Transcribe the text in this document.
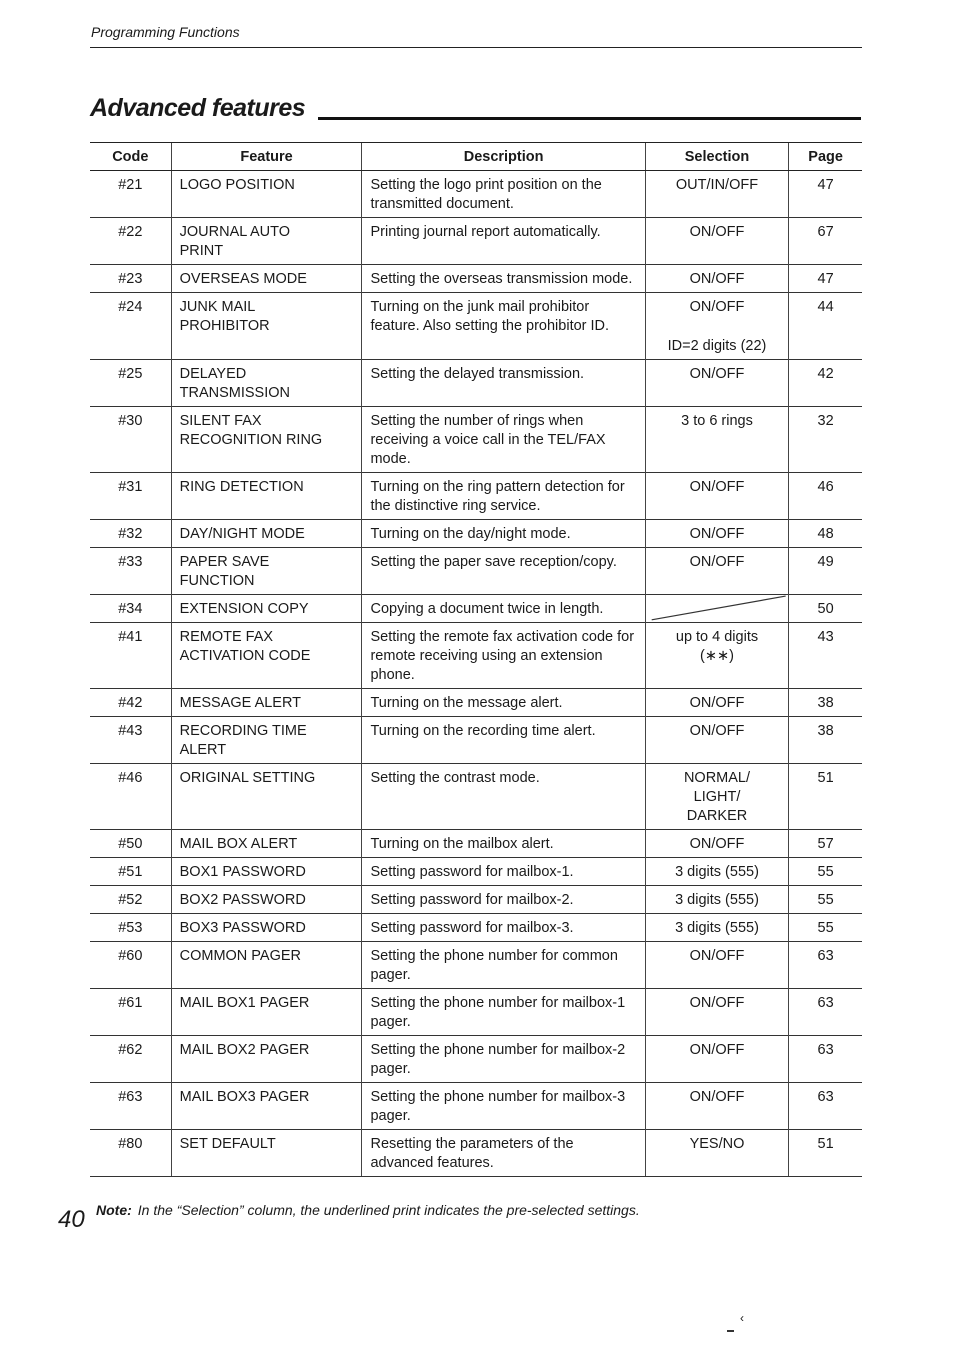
Programming Functions
Advanced features
Code	Feature	Description	Selection	Page
#21	LOGO POSITION	Setting the logo print position on the transmitted document.	OUT/IN/OFF	47
#22	JOURNAL AUTO
PRINT	Printing journal report automatically.	ON/OFF	67
#23	OVERSEAS MODE	Setting the overseas transmission mode.	ON/OFF	47
#24	JUNK MAIL
PROHIBITOR	Turning on the junk mail prohibitor feature. Also setting the prohibitor ID.	ON/OFF
ID=2 digits (22)	44
#25	DELAYED
TRANSMISSION	Setting the delayed transmission.	ON/OFF	42
#30	SILENT FAX
RECOGNITION RING	Setting the number of rings when receiving a voice call in the TEL/FAX mode.	3 to 6 rings	32
#31	RING DETECTION	Turning on the ring pattern detection for the distinctive ring service.	ON/OFF	46
#32	DAY/NIGHT MODE	Turning on the day/night mode.	ON/OFF	48
#33	PAPER SAVE
FUNCTION	Setting the paper save reception/copy.	ON/OFF	49
#34	EXTENSION COPY	Copying a document twice in length.		50
#41	REMOTE FAX
ACTIVATION CODE	Setting the remote fax activation code for remote receiving using an extension phone.	up to 4 digits
(∗∗)	43
#42	MESSAGE ALERT	Turning on the message alert.	ON/OFF	38
#43	RECORDING TIME
ALERT	Turning on the recording time alert.	ON/OFF	38
#46	ORIGINAL SETTING	Setting the contrast mode.	NORMAL/
LIGHT/
DARKER	51
#50	MAIL BOX ALERT	Turning on the mailbox alert.	ON/OFF	57
#51	BOX1 PASSWORD	Setting password for mailbox-1.	3 digits (555)	55
#52	BOX2 PASSWORD	Setting password for mailbox-2.	3 digits (555)	55
#53	BOX3 PASSWORD	Setting password for mailbox-3.	3 digits (555)	55
#60	COMMON PAGER	Setting the phone number for common pager.	ON/OFF	63
#61	MAIL BOX1 PAGER	Setting the phone number for mailbox-1 pager.	ON/OFF	63
#62	MAIL BOX2 PAGER	Setting the phone number for mailbox-2 pager.	ON/OFF	63
#63	MAIL BOX3 PAGER	Setting the phone number for mailbox-3 pager.	ON/OFF	63
#80	SET DEFAULT	Resetting the parameters of the advanced features.	YES/NO	51
40 Note: In the “Selection” column, the underlined print indicates the pre-selected settings.
‹
